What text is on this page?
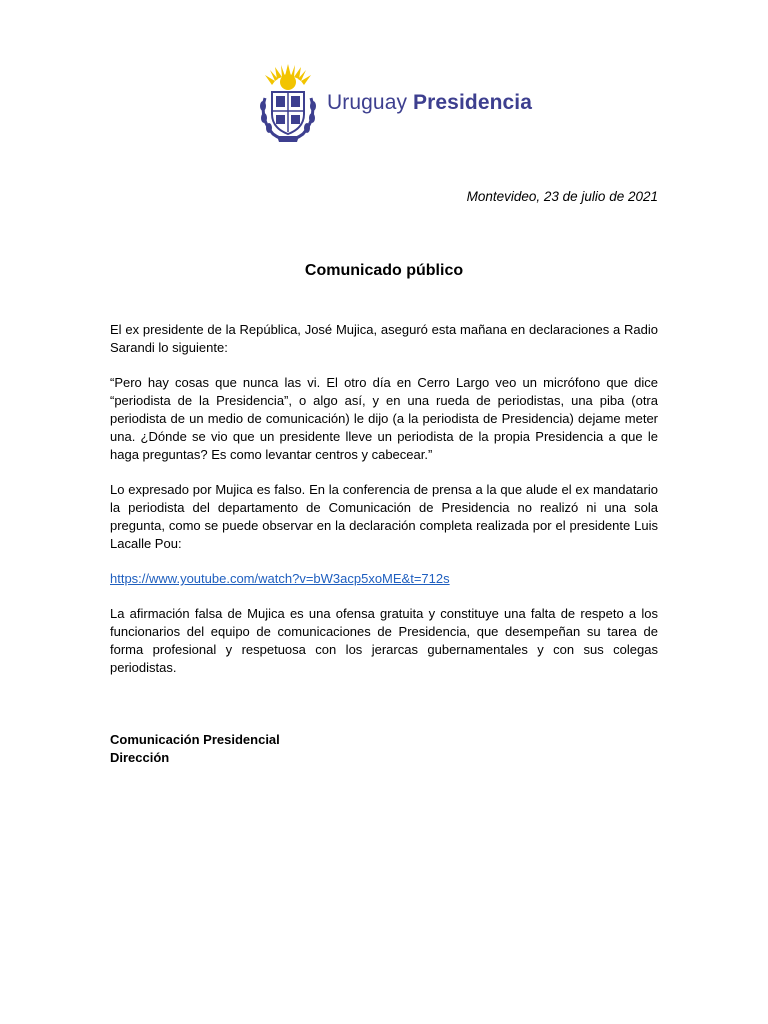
Uruguay Presidencia
Montevideo, 23 de julio de 2021
Comunicado público
El ex presidente de la República, José Mujica, aseguró esta mañana en declaraciones a Radio Sarandi lo siguiente:
“Pero hay cosas que nunca las vi. El otro día en Cerro Largo veo un micrófono que dice “periodista de la Presidencia”, o algo así, y en una rueda de periodistas, una piba (otra periodista de un medio de comunicación) le dijo (a la periodista de Presidencia) dejame meter una. ¿Dónde se vio que un presidente lleve un periodista de la propia Presidencia a que le haga preguntas? Es como levantar centros y cabecear.”
Lo expresado por Mujica es falso. En la conferencia de prensa a la que alude el ex mandatario la periodista del departamento de Comunicación de Presidencia no realizó ni una sola pregunta, como se puede observar en la declaración completa realizada por el presidente Luis Lacalle Pou:
https://www.youtube.com/watch?v=bW3acp5xoME&t=712s
La afirmación falsa de Mujica es una ofensa gratuita y constituye una falta de respeto a los funcionarios del equipo de comunicaciones de Presidencia, que desempeñan su tarea de forma profesional y respetuosa con los jerarcas gubernamentales y con sus colegas periodistas.
Comunicación Presidencial
Dirección
